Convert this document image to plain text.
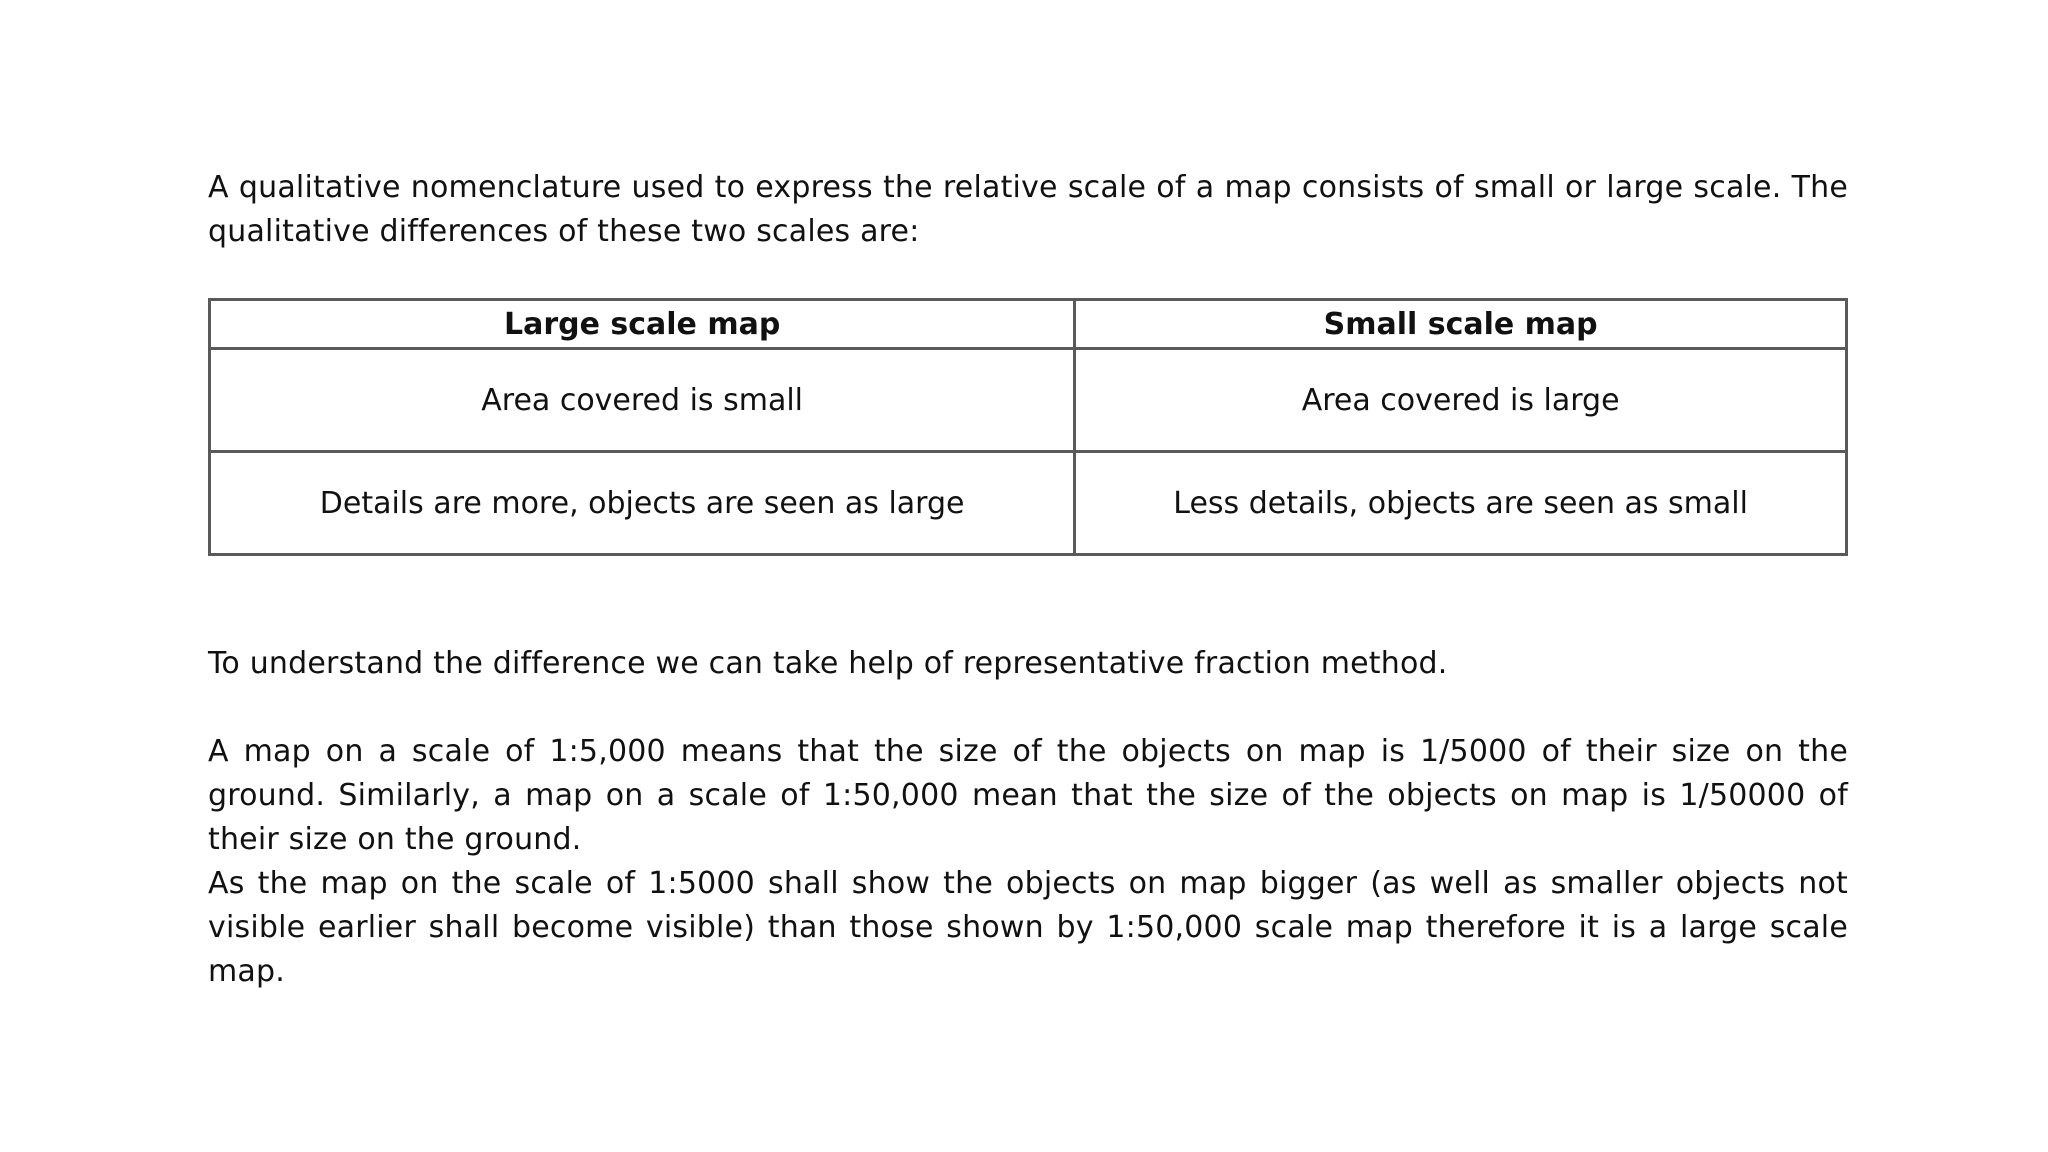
A qualitative nomenclature used to express the relative scale of a map consists of small or large scale. The qualitative differences of these two scales are:

Large scale map	Small scale map
Area covered is small	Area covered is large
Details are more, objects are seen as large	Less details, objects are seen as small

To understand the difference we can take help of representative fraction method.

A map on a scale of 1:5,000 means that the size of the objects on map is 1/5000 of their size on the ground. Similarly, a map on a scale of 1:50,000 mean that the size of the objects on map is 1/50000 of their size on the ground.

As the map on the scale of 1:5000 shall show the objects on map bigger (as well as smaller objects not visible earlier shall become visible) than those shown by 1:50,000 scale map therefore it is a large scale map.
